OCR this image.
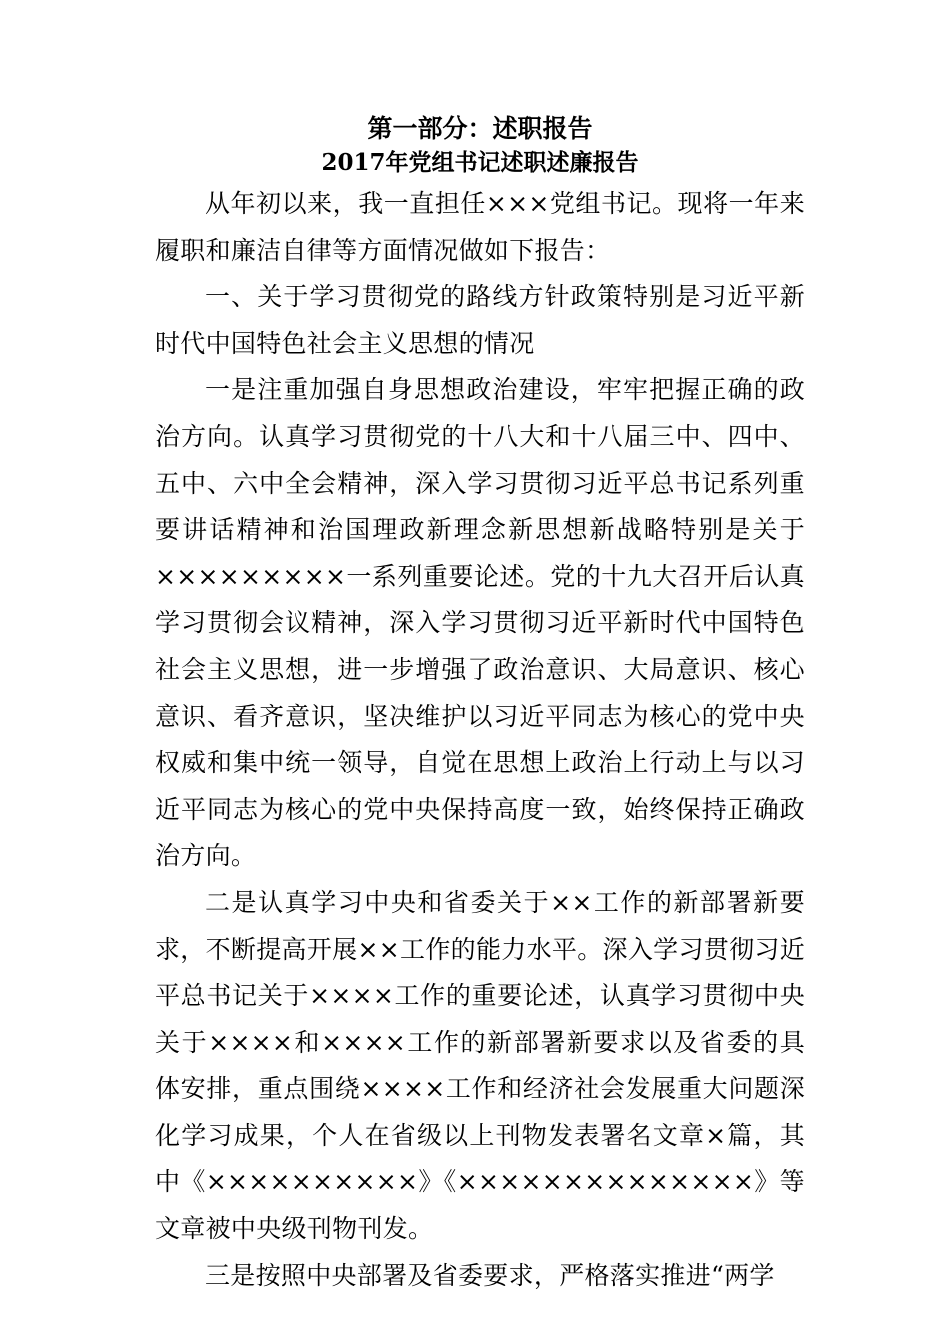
第一部分：述职报告
2017年党组书记述职述廉报告

从年初以来，我一直担任×××党组书记。现将一年来履职和廉洁自律等方面情况做如下报告：

一、关于学习贯彻党的路线方针政策特别是习近平新时代中国特色社会主义思想的情况

一是注重加强自身思想政治建设，牢牢把握正确的政治方向。认真学习贯彻党的十八大和十八届三中、四中、五中、六中全会精神，深入学习贯彻习近平总书记系列重要讲话精神和治国理政新理念新思想新战略特别是关于×××××××××一系列重要论述。党的十九大召开后认真学习贯彻会议精神，深入学习贯彻习近平新时代中国特色社会主义思想，进一步增强了政治意识、大局意识、核心意识、看齐意识，坚决维护以习近平同志为核心的党中央权威和集中统一领导，自觉在思想上政治上行动上与以习近平同志为核心的党中央保持高度一致，始终保持正确政治方向。

二是认真学习中央和省委关于××工作的新部署新要求，不断提高开展××工作的能力水平。深入学习贯彻习近平总书记关于××××工作的重要论述，认真学习贯彻中央关于××××和××××工作的新部署新要求以及省委的具体安排，重点围绕××××工作和经济社会发展重大问题深化学习成果，个人在省级以上刊物发表署名文章×篇，其中《××××××××××》《××××××××××××××》等文章被中央级刊物刊发。

三是按照中央部署及省委要求，严格落实推进“两学
